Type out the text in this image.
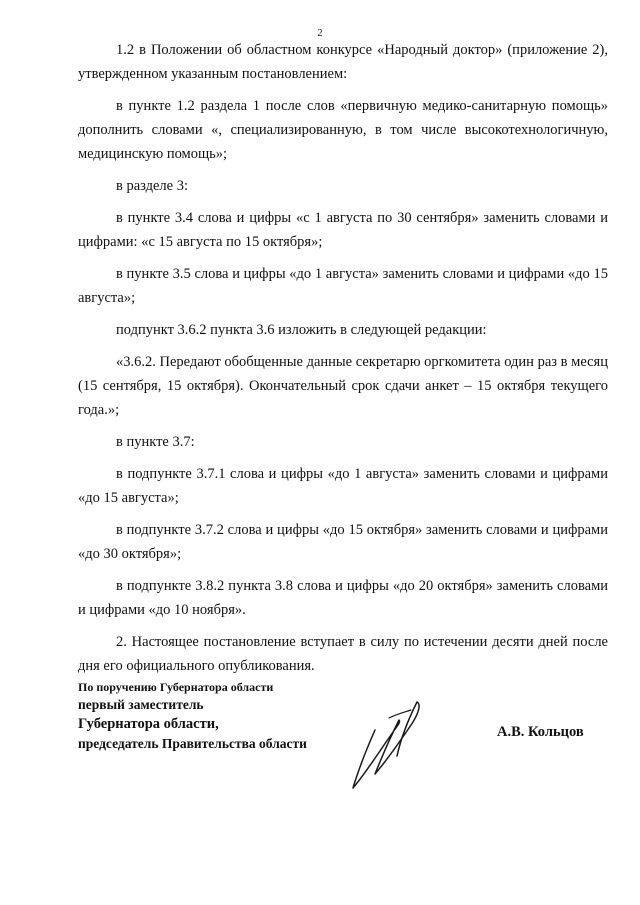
2

1.2 в Положении об областном конкурсе «Народный доктор» (приложение 2), утвержденном указанным постановлением:

в пункте 1.2 раздела 1 после слов «первичную медико-санитарную помощь» дополнить словами «, специализированную, в том числе высокотехнологичную, медицинскую помощь»;

в разделе 3:

в пункте 3.4 слова и цифры «с 1 августа по 30 сентября» заменить словами и цифрами: «с 15 августа по 15 октября»;

в пункте 3.5 слова и цифры «до 1 августа» заменить словами и цифрами «до 15 августа»;

подпункт 3.6.2 пункта 3.6 изложить в следующей редакции:

«3.6.2. Передают обобщенные данные секретарю оргкомитета один раз в месяц (15 сентября, 15 октября). Окончательный срок сдачи анкет – 15 октября текущего года.»;

в пункте 3.7:

в подпункте 3.7.1 слова и цифры «до 1 августа» заменить словами и цифрами «до 15 августа»;

в подпункте 3.7.2 слова и цифры «до 15 октября» заменить словами и цифрами «до 30 октября»;

в подпункте 3.8.2 пункта 3.8 слова и цифры «до 20 октября» заменить словами и цифрами «до 10 ноября».

2. Настоящее постановление вступает в силу по истечении десяти дней после дня его официального опубликования.

По поручению Губернатора области
первый заместитель
Губернатора области,
председатель Правительства области
А.В. Кольцов
